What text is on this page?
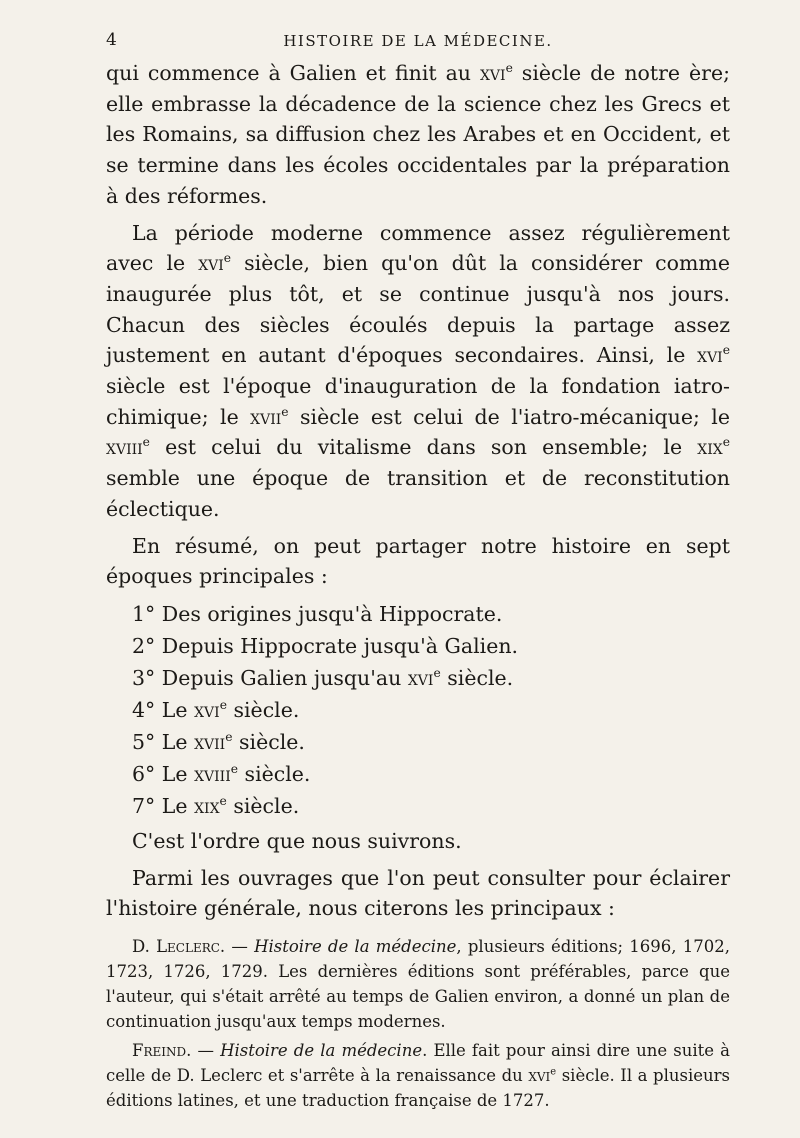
4	HISTOIRE DE LA MÉDECINE.

qui commence à Galien et finit au xvi$^e$ siècle de notre ère; elle embrasse la décadence de la science chez les Grecs et les Romains, sa diffusion chez les Arabes et en Occident, et se termine dans les écoles occidentales par la préparation à des réformes.

La période moderne commence assez régulièrement avec le xvi$^e$ siècle, bien qu'on dût la considérer comme inaugurée plus tôt, et se continue jusqu'à nos jours. Chacun des siècles écoulés depuis la partage assez justement en autant d'époques secondaires. Ainsi, le xvi$^e$ siècle est l'époque d'inauguration de la fondation iatro-chimique; le xvii$^e$ siècle est celui de l'iatro-mécanique; le xviii$^e$ est celui du vitalisme dans son ensemble; le xix$^e$ semble une époque de transition et de reconstitution éclectique.

En résumé, on peut partager notre histoire en sept époques principales :

1° Des origines jusqu'à Hippocrate.
2° Depuis Hippocrate jusqu'à Galien.
3° Depuis Galien jusqu'au xvi$^e$ siècle.
4° Le xvi$^e$ siècle.
5° Le xvii$^e$ siècle.
6° Le xviii$^e$ siècle.
7° Le xix$^e$ siècle.

C'est l'ordre que nous suivrons.

Parmi les ouvrages que l'on peut consulter pour éclairer l'histoire générale, nous citerons les principaux :

D. Leclerc. — Histoire de la médecine, plusieurs éditions; 1696, 1702, 1723, 1726, 1729. Les dernières éditions sont préférables, parce que l'auteur, qui s'était arrêté au temps de Galien environ, a donné un plan de continuation jusqu'aux temps modernes.

Freind. — Histoire de la médecine. Elle fait pour ainsi dire une suite à celle de D. Leclerc et s'arrête à la renaissance du xvi$^e$ siècle. Il a plusieurs éditions latines, et une traduction française de 1727.
